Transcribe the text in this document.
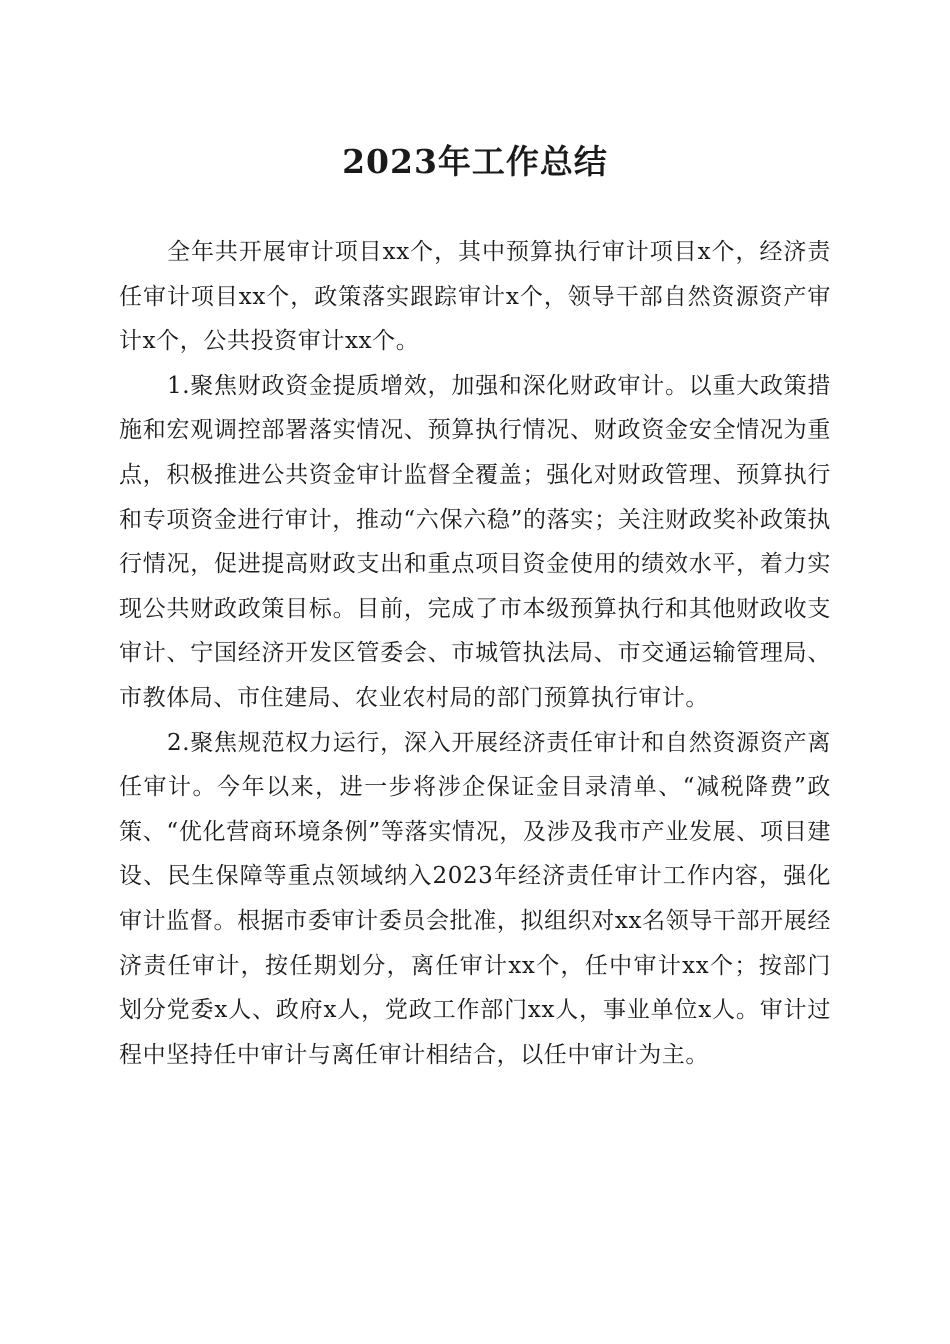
2023年工作总结

全年共开展审计项目xx个，其中预算执行审计项目x个，经济责任审计项目xx个，政策落实跟踪审计x个，领导干部自然资源资产审计x个，公共投资审计xx个。

1.聚焦财政资金提质增效，加强和深化财政审计。以重大政策措施和宏观调控部署落实情况、预算执行情况、财政资金安全情况为重点，积极推进公共资金审计监督全覆盖；强化对财政管理、预算执行和专项资金进行审计，推动“六保六稳”的落实；关注财政奖补政策执行情况，促进提高财政支出和重点项目资金使用的绩效水平，着力实现公共财政政策目标。目前，完成了市本级预算执行和其他财政收支审计、宁国经济开发区管委会、市城管执法局、市交通运输管理局、市教体局、市住建局、农业农村局的部门预算执行审计。

2.聚焦规范权力运行，深入开展经济责任审计和自然资源资产离任审计。今年以来，进一步将涉企保证金目录清单、“减税降费”政策、“优化营商环境条例”等落实情况，及涉及我市产业发展、项目建设、民生保障等重点领域纳入2023年经济责任审计工作内容，强化审计监督。根据市委审计委员会批准，拟组织对xx名领导干部开展经济责任审计，按任期划分，离任审计xx个，任中审计xx个；按部门划分党委x人、政府x人，党政工作部门xx人，事业单位x人。审计过程中坚持任中审计与离任审计相结合，以任中审计为主。
